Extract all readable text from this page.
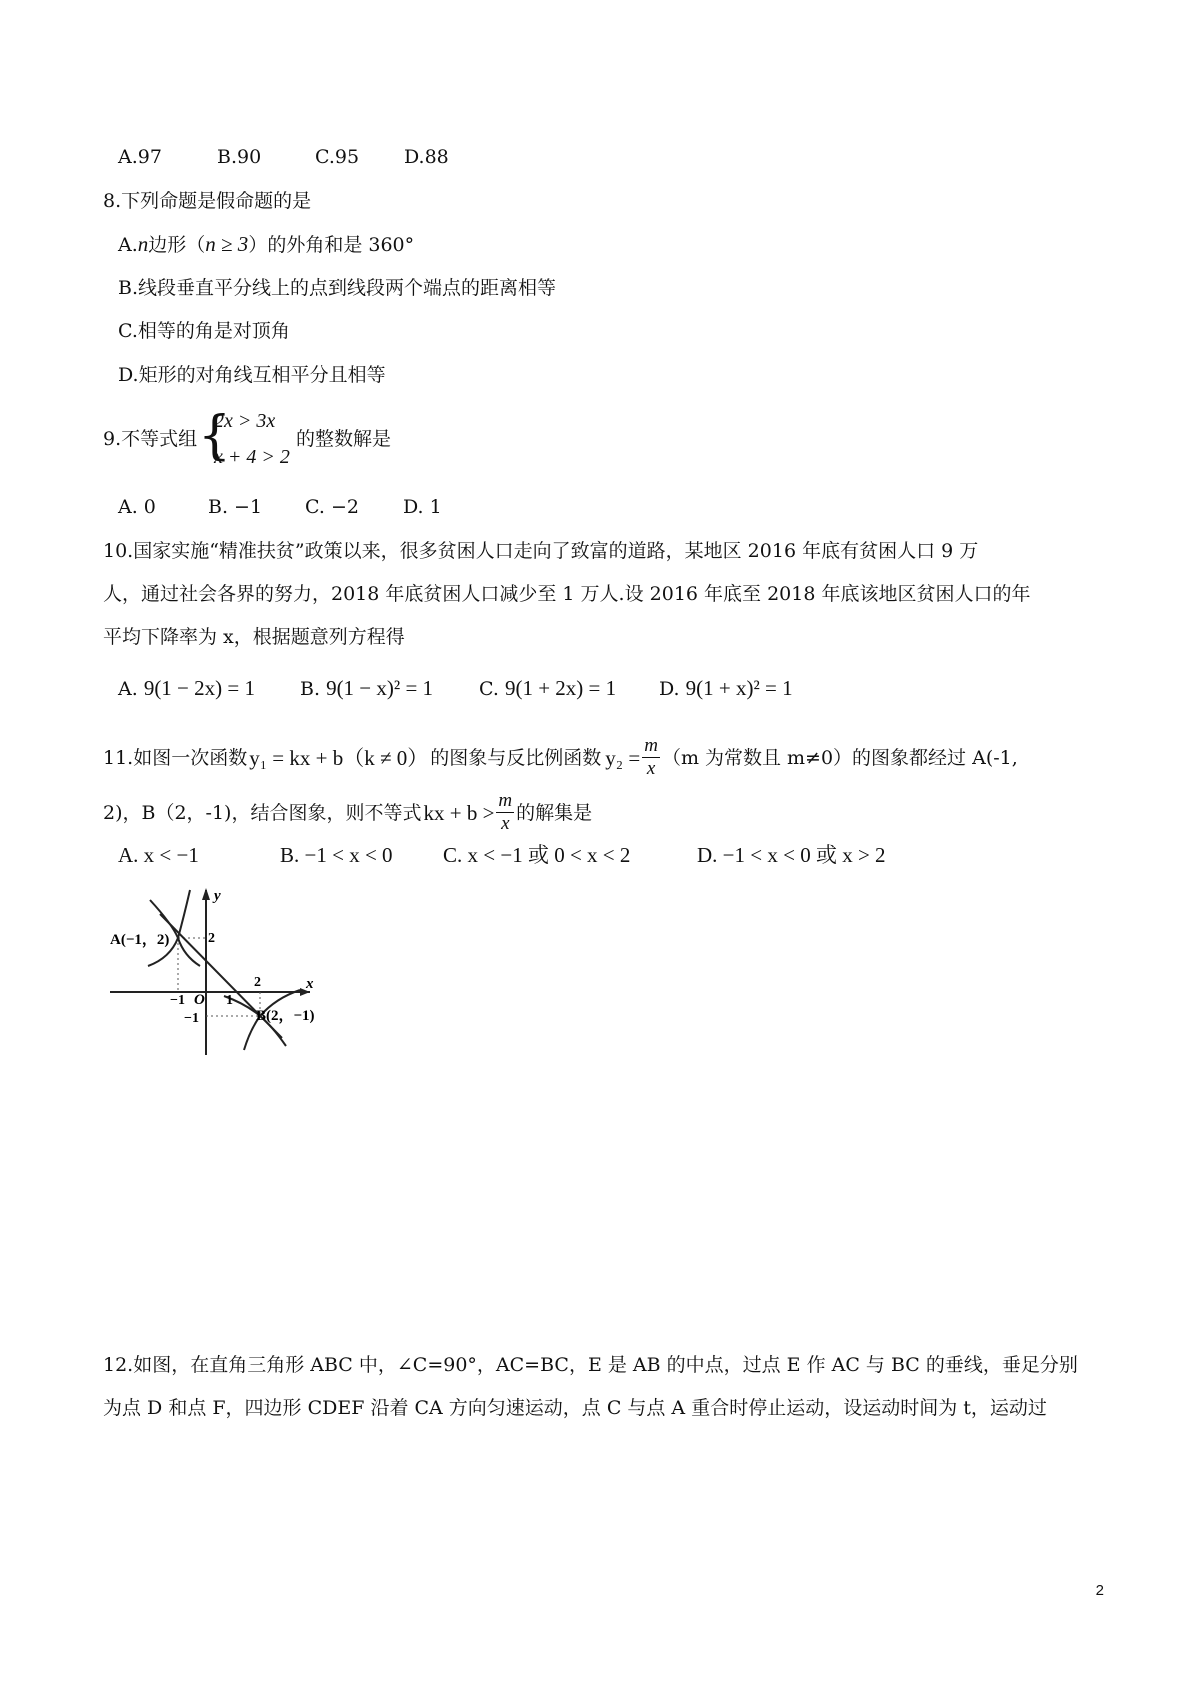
A.97	B.90	C.95 D.88
8.下列命题是假命题的是
A.n边形（n ≥ 3）的外角和是 360°
B.线段垂直平分线上的点到线段两个端点的距离相等
C.相等的角是对顶角
D.矩形的对角线互相平分且相等
9.不等式组 {
2x > 3x
x + 4 > 2
的整数解是
A. 0	B. −1 C. −2 D. 1
10.国家实施“精准扶贫”政策以来，很多贫困人口走向了致富的道路，某地区 2016 年底有贫困人口 9 万
人，通过社会各界的努力，2018 年底贫困人口减少至 1 万人.设 2016 年底至 2018 年底该地区贫困人口的年
平均下降率为 x，根据题意列方程得
A. 9(1 − 2x) = 1 B. 9(1 − x)² = 1 C. 9(1 + 2x) = 1 D. 9(1 + x)² = 1
11.如图一次函数 y₁ = kx + b（k ≠ 0） 的图象与反比例函数 $y_2 = \frac{m}{x} (m$ 为常数且 m≠0）的图象都经过 A(-1,
2)，B（2，-1)，结合图象，则不等式 kx + $b > \frac{m}{x}$ 的解集是
A. x < −1	B. −1 < x < 0 C. x < −1 或 0 < x < 2	D. −1 < x < 0 或 x > 2
y
x
O
A(−1，2)
B(2，−1)
−1	1
2
2
−1
12.如图，在直角三角形 ABC 中，∠C=90°，AC=BC，E 是 AB 的中点，过点 E 作 AC 与 BC 的垂线，垂足分别
为点 D 和点 F，四边形 CDEF 沿着 CA 方向匀速运动，点 C 与点 A 重合时停止运动，设运动时间为 t，运动过
2
